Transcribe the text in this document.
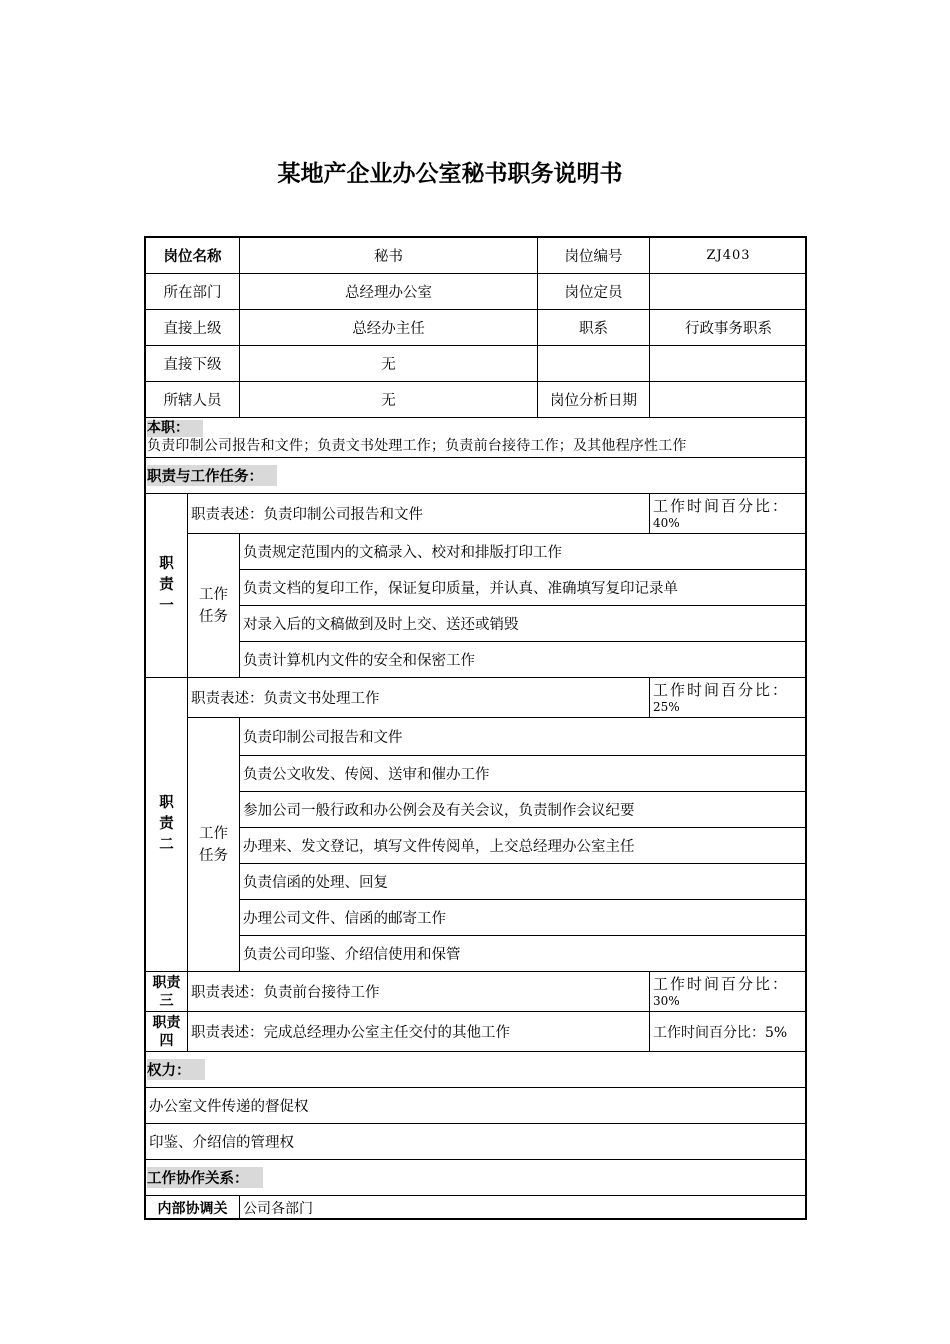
某地产企业办公室秘书职务说明书
岗位名称	秘书	岗位编号	ZJ403
所在部门	总经理办公室	岗位定员
直接上级	总经办主任	职系	行政事务职系
直接下级	无
所辖人员	无	岗位分析日期
本职：
负责印制公司报告和文件；负责文书处理工作；负责前台接待工作；及其他程序性工作
职责与工作任务：
职
责
一
职责表述：负责印制公司报告和文件	工作时间百分比：
40%
工作
任务
负责规定范围内的文稿录入、校对和排版打印工作
负责文档的复印工作，保证复印质量，并认真、准确填写复印记录单
对录入后的文稿做到及时上交、送还或销毁
负责计算机内文件的安全和保密工作
职
责
二
职责表述：负责文书处理工作	工作时间百分比：
25%
工作
任务
负责印制公司报告和文件
负责公文收发、传阅、送审和催办工作
参加公司一般行政和办公例会及有关会议，负责制作会议纪要
办理来、发文登记，填写文件传阅单，上交总经理办公室主任
负责信函的处理、回复
办理公司文件、信函的邮寄工作
负责公司印鉴、介绍信使用和保管
职责
三 职责表述：负责前台接待工作	工作时间百分比：
30%
职责
四 职责表述：完成总经理办公室主任交付的其他工作	工作时间百分比：5%
权力：
办公室文件传递的督促权
印鉴、介绍信的管理权
工作协作关系：
内部协调关	公司各部门
